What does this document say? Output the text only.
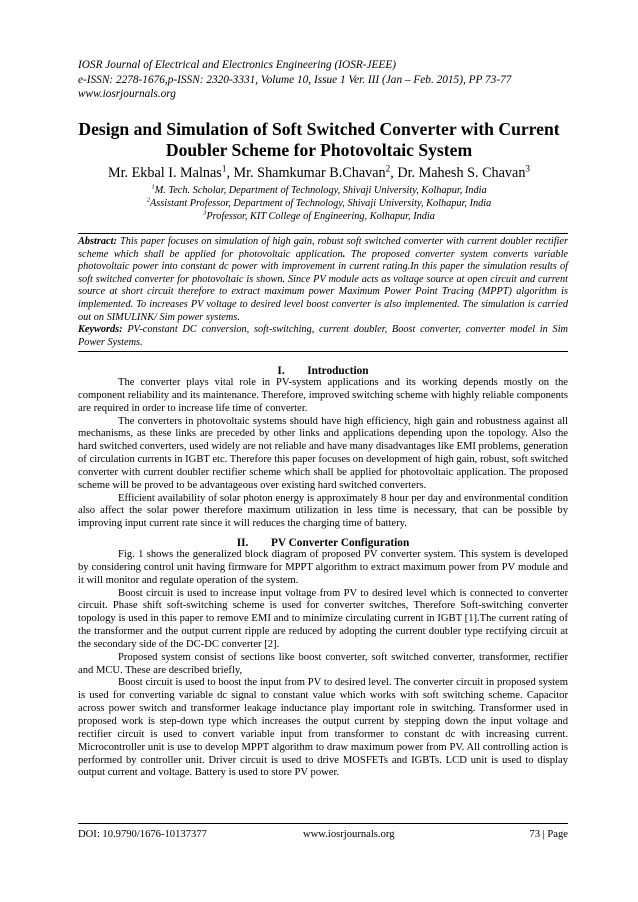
IOSR Journal of Electrical and Electronics Engineering (IOSR-JEEE)
e-ISSN: 2278-1676,p-ISSN: 2320-3331, Volume 10, Issue 1 Ver. III (Jan – Feb. 2015), PP 73-77
www.iosrjournals.org
Design and Simulation of Soft Switched Converter with Current Doubler Scheme for Photovoltaic System
Mr. Ekbal I. Malnas$^1$, Mr. Shamkumar B.Chavan$^2$, Dr. Mahesh S. Chavan$^3$
$^1$M. Tech. Scholar, Department of Technology, Shivaji University, Kolhapur, India
$^2$Assistant Professor, Department of Technology, Shivaji University, Kolhapur, India
$^3$Professor, KIT College of Engineering, Kolhapur, India
Abstract: This paper focuses on simulation of high gain, robust soft switched converter with current doubler rectifier scheme which shall be applied for photovoltaic application. The proposed converter system converts variable photovoltaic power into constant dc power with improvement in current rating.In this paper the simulation results of soft switched converter for photovoltaic is shown. Since PV module acts as voltage source at open circuit and current source at short circuit therefore to extract maximum power Maximum Power Point Tracing (MPPT) algorithm is implemented. To increases PV voltage to desired level boost converter is also implemented. The simulation is carried out on SIMULINK/ Sim power systems.
Keywords: PV-constant DC conversion, soft-switching, current doubler, Boost converter, converter model in Sim Power Systems.
I.        Introduction

The converter plays vital role in PV-system applications and its working depends mostly on the component reliability and its maintenance. Therefore, improved switching scheme with highly reliable components are required in order to increase life time of converter.

The converters in photovoltaic systems should have high efficiency, high gain and robustness against all mechanisms, as these links are preceded by other links and applications depending upon the topology. Also the hard switched converters, used widely are not reliable and have many disadvantages like EMI problems, generation of circulation currents in IGBT etc. Therefore this paper focuses on development of high gain, robust, soft switched converter with current doubler rectifier scheme which shall be applied for photovoltaic application. The proposed scheme will be proved to be advantageous over existing hard switched converters.

Efficient availability of solar photon energy is approximately 8 hour per day and environmental condition also affect the solar power therefore maximum utilization in less time is necessary, that can be possible by improving input current rate since it will reduces the charging time of battery.

II.        PV Converter Configuration

Fig. 1 shows the generalized block diagram of proposed PV converter system. This system is developed by considering control unit having firmware for MPPT algorithm to extract maximum power from PV module and it will monitor and regulate operation of the system.

Boost circuit is used to increase input voltage from PV to desired level which is connected to converter circuit. Phase shift soft-switching scheme is used for converter switches, Therefore Soft-switching converter topology is used in this paper to remove EMI and to minimize circulating current in IGBT [1].The current rating of the transformer and the output current ripple are reduced by adopting the current doubler type rectifying circuit at the secondary side of the DC-DC converter [2].

Proposed system consist of sections like boost converter, soft switched converter, transformer, rectifier and MCU. These are described briefly,

Boost circuit is used to boost the input from PV to desired level. The converter circuit in proposed system is used for converting variable dc signal to constant value which works with soft switching scheme. Capacitor across power switch and transformer leakage inductance play important role in switching. Transformer used in proposed work is step-down type which increases the output current by stepping down the input voltage and rectifier circuit is used to convert variable input from transformer to constant dc with increasing current. Microcontroller unit is use to develop MPPT algorithm to draw maximum power from PV. All controlling action is performed by controller unit. Driver circuit is used to drive MOSFETs and IGBTs. LCD unit is used to display output current and voltage. Battery is used to store PV power.

DOI: 10.9790/1676-10137377	www.iosrjournals.org	73 | Page
